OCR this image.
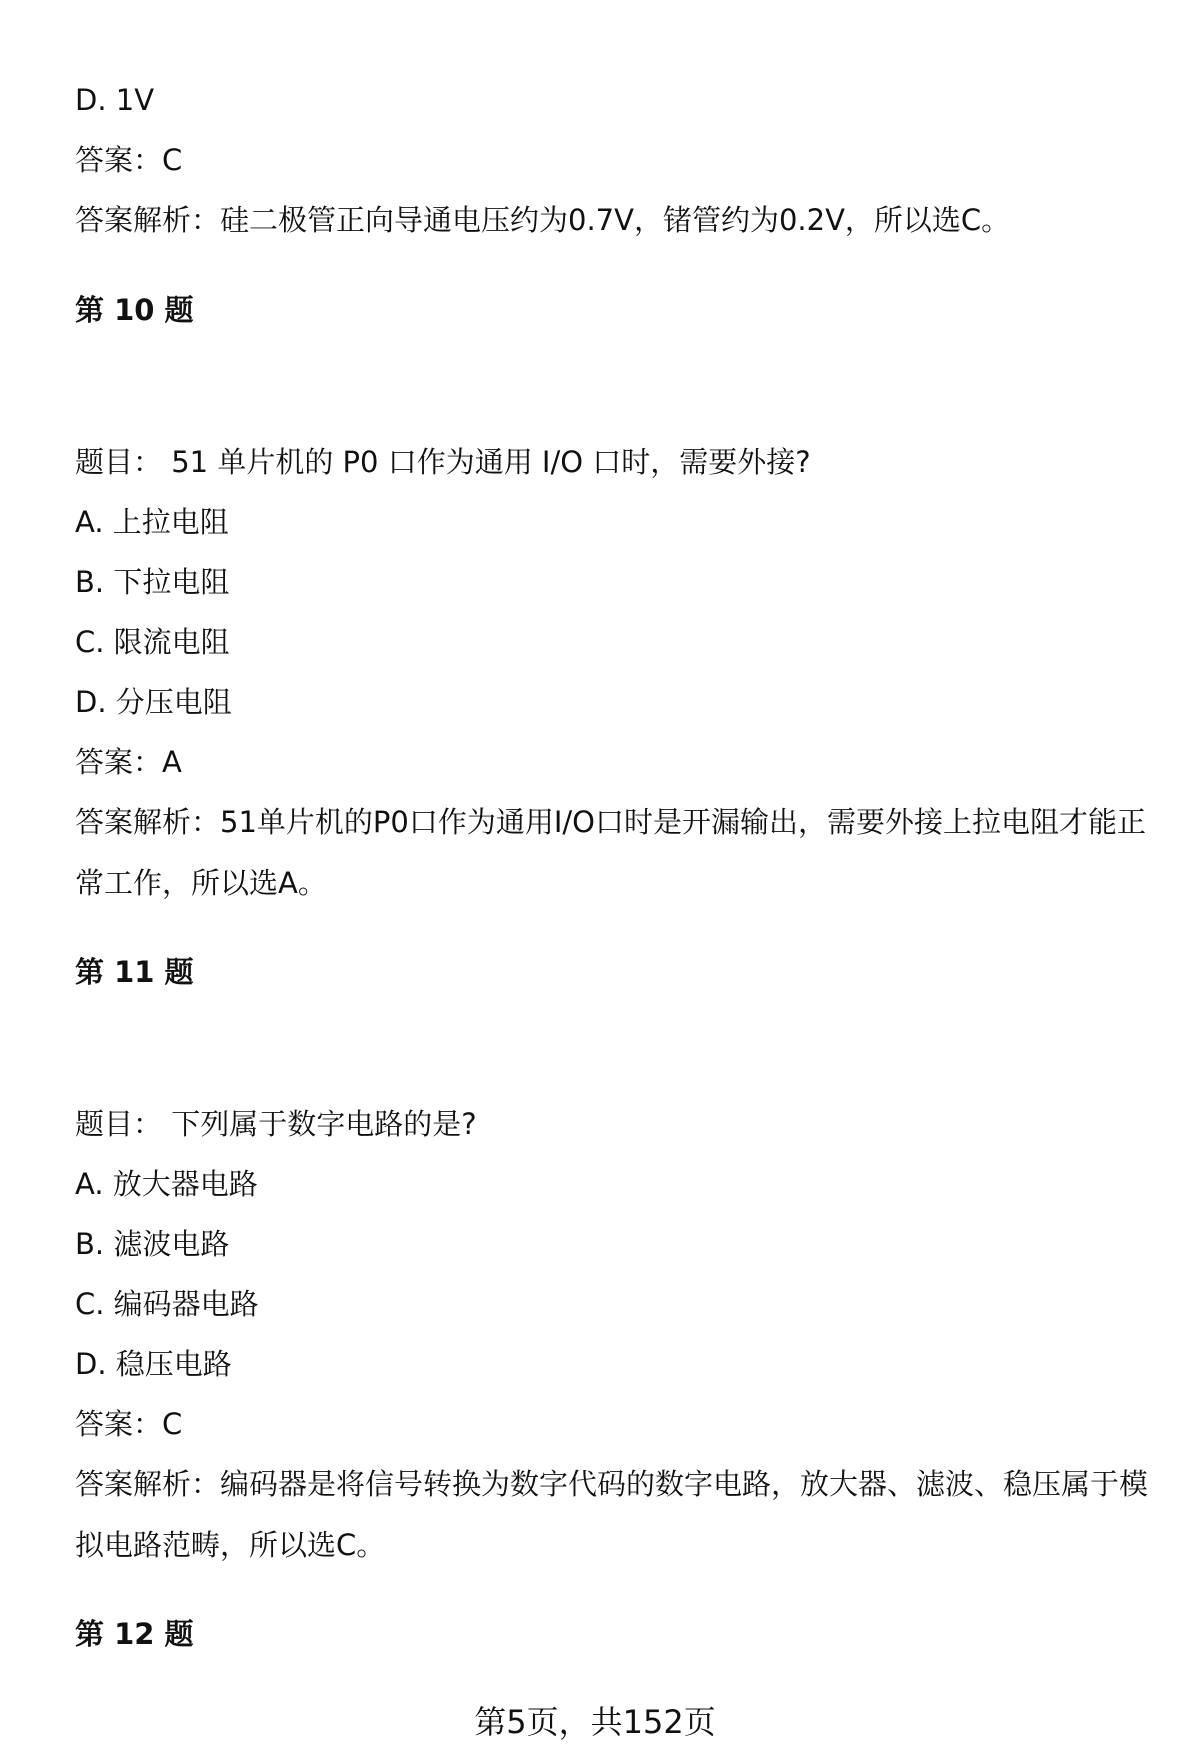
D. 1V
答案：C
答案解析：硅二极管正向导通电压约为0.7V，锗管约为0.2V，所以选C。
第 10 题
题目： 51 单片机的 P0 口作为通用 I/O 口时，需要外接?
A. 上拉电阻
B. 下拉电阻
C. 限流电阻
D. 分压电阻
答案：A
答案解析：51单片机的P0口作为通用I/O口时是开漏输出，需要外接上拉电阻才能正常工作，所以选A。
第 11 题
题目： 下列属于数字电路的是?
A. 放大器电路
B. 滤波电路
C. 编码器电路
D. 稳压电路
答案：C
答案解析：编码器是将信号转换为数字代码的数字电路，放大器、滤波、稳压属于模拟电路范畴，所以选C。
第 12 题
第5页，共152页
